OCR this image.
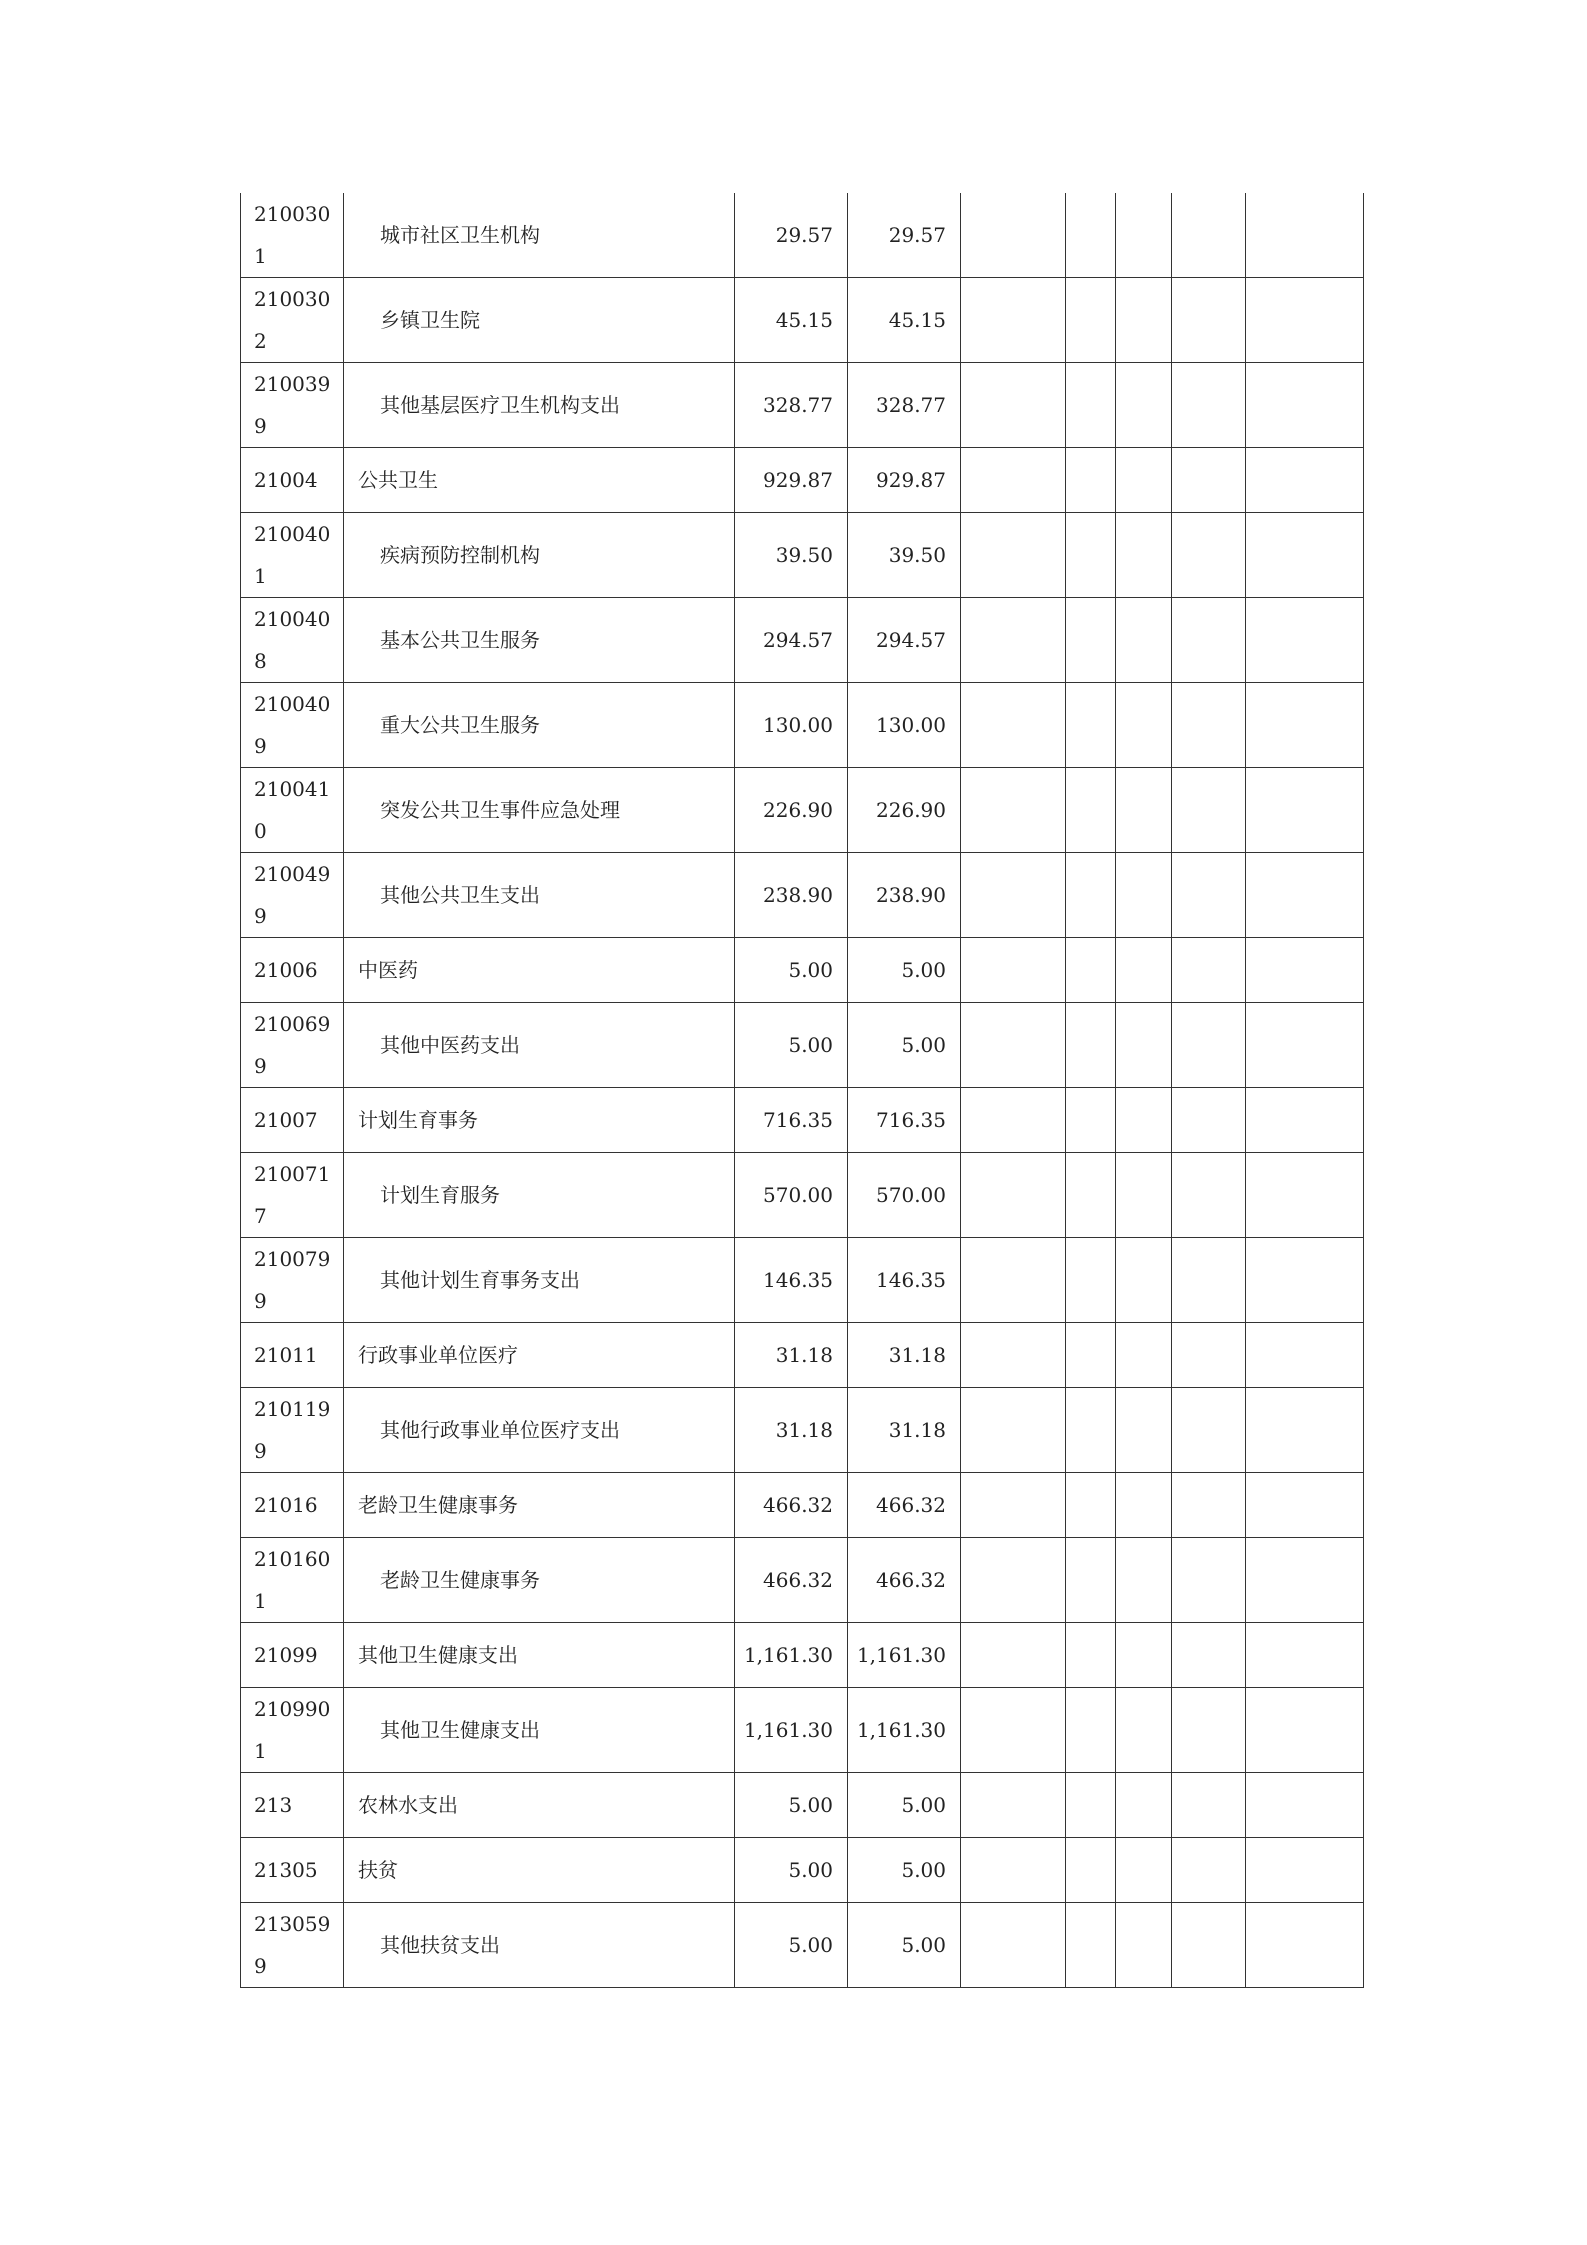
2100301	城市社区卫生机构	29.57	29.57					
2100302	乡镇卫生院	45.15	45.15					
2100399	其他基层医疗卫生机构支出	328.77	328.77					
21004	公共卫生	929.87	929.87					
2100401	疾病预防控制机构	39.50	39.50					
2100408	基本公共卫生服务	294.57	294.57					
2100409	重大公共卫生服务	130.00	130.00					
2100410	突发公共卫生事件应急处理	226.90	226.90					
2100499	其他公共卫生支出	238.90	238.90					
21006	中医药	5.00	5.00					
2100699	其他中医药支出	5.00	5.00					
21007	计划生育事务	716.35	716.35					
2100717	计划生育服务	570.00	570.00					
2100799	其他计划生育事务支出	146.35	146.35					
21011	行政事业单位医疗	31.18	31.18					
2101199	其他行政事业单位医疗支出	31.18	31.18					
21016	老龄卫生健康事务	466.32	466.32					
2101601	老龄卫生健康事务	466.32	466.32					
21099	其他卫生健康支出	1,161.30	1,161.30					
2109901	其他卫生健康支出	1,161.30	1,161.30					
213	农林水支出	5.00	5.00					
21305	扶贫	5.00	5.00					
2130599	其他扶贫支出	5.00	5.00					
